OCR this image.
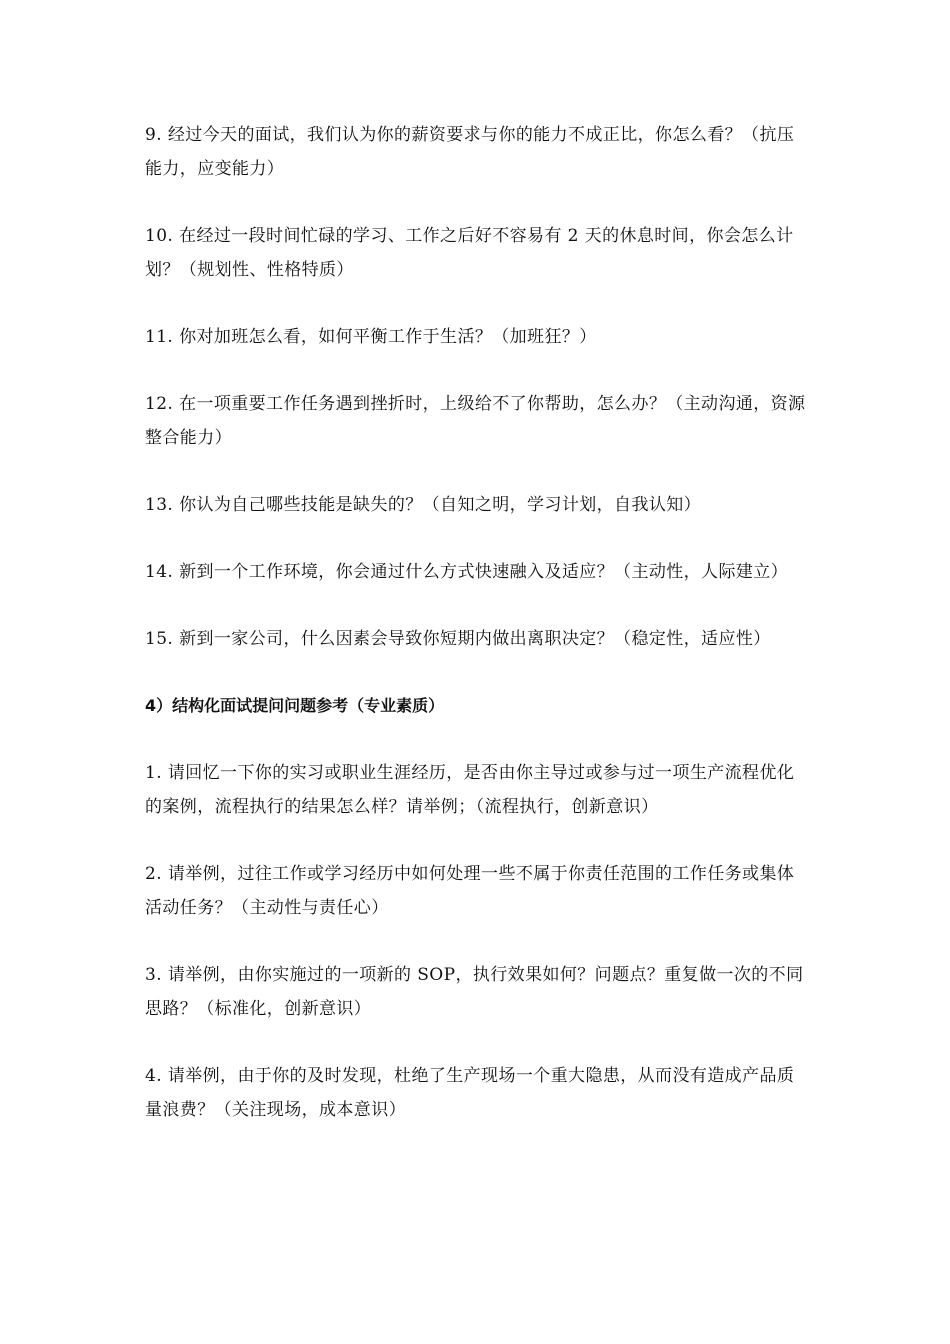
9. 经过今天的面试，我们认为你的薪资要求与你的能力不成正比，你怎么看？（抗压能力，应变能力）

10. 在经过一段时间忙碌的学习、工作之后好不容易有 2 天的休息时间，你会怎么计划？（规划性、性格特质）

11. 你对加班怎么看，如何平衡工作于生活？（加班狂？）

12. 在一项重要工作任务遇到挫折时，上级给不了你帮助，怎么办？（主动沟通，资源整合能力）

13. 你认为自己哪些技能是缺失的？（自知之明，学习计划，自我认知）

14. 新到一个工作环境，你会通过什么方式快速融入及适应？（主动性，人际建立）

15. 新到一家公司，什么因素会导致你短期内做出离职决定？（稳定性，适应性）

4）结构化面试提问问题参考（专业素质）

1. 请回忆一下你的实习或职业生涯经历，是否由你主导过或参与过一项生产流程优化的案例，流程执行的结果怎么样？请举例；（流程执行，创新意识）

2. 请举例，过往工作或学习经历中如何处理一些不属于你责任范围的工作任务或集体活动任务？（主动性与责任心）

3. 请举例，由你实施过的一项新的 SOP，执行效果如何？问题点？重复做一次的不同思路？（标准化，创新意识）

4. 请举例，由于你的及时发现，杜绝了生产现场一个重大隐患，从而没有造成产品质量浪费？（关注现场，成本意识）
